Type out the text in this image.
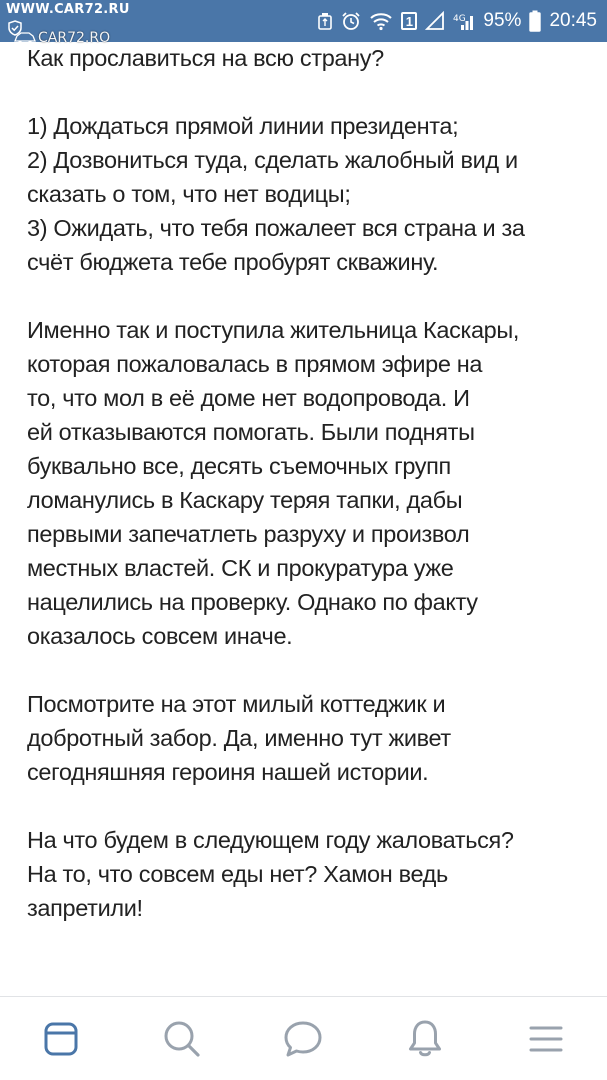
WWW.CAR72.RU
1	4G 95% 20:45
CAR72.RO
Как прославиться на всю страну?
1) Дождаться прямой линии президента;
2) Дозвониться туда, сделать жалобный вид и
сказать о том, что нет водицы;
3) Ожидать, что тебя пожалеет вся страна и за
счёт бюджета тебе пробурят скважину.
Именно так и поступила жительница Каскары,
которая пожаловалась в прямом эфире на
то, что мол в её доме нет водопровода. И
ей отказываются помогать. Были подняты
буквально все, десять съемочных групп
ломанулись в Каскару теряя тапки, дабы
первыми запечатлеть разруху и произвол
местных властей. СК и прокуратура уже
нацелились на проверку. Однако по факту
оказалось совсем иначе.
Посмотрите на этот милый коттеджик и
добротный забор. Да, именно тут живет
сегодняшняя героиня нашей истории.
На что будем в следующем году жаловаться?
На то, что совсем еды нет? Хамон ведь
запретили!
